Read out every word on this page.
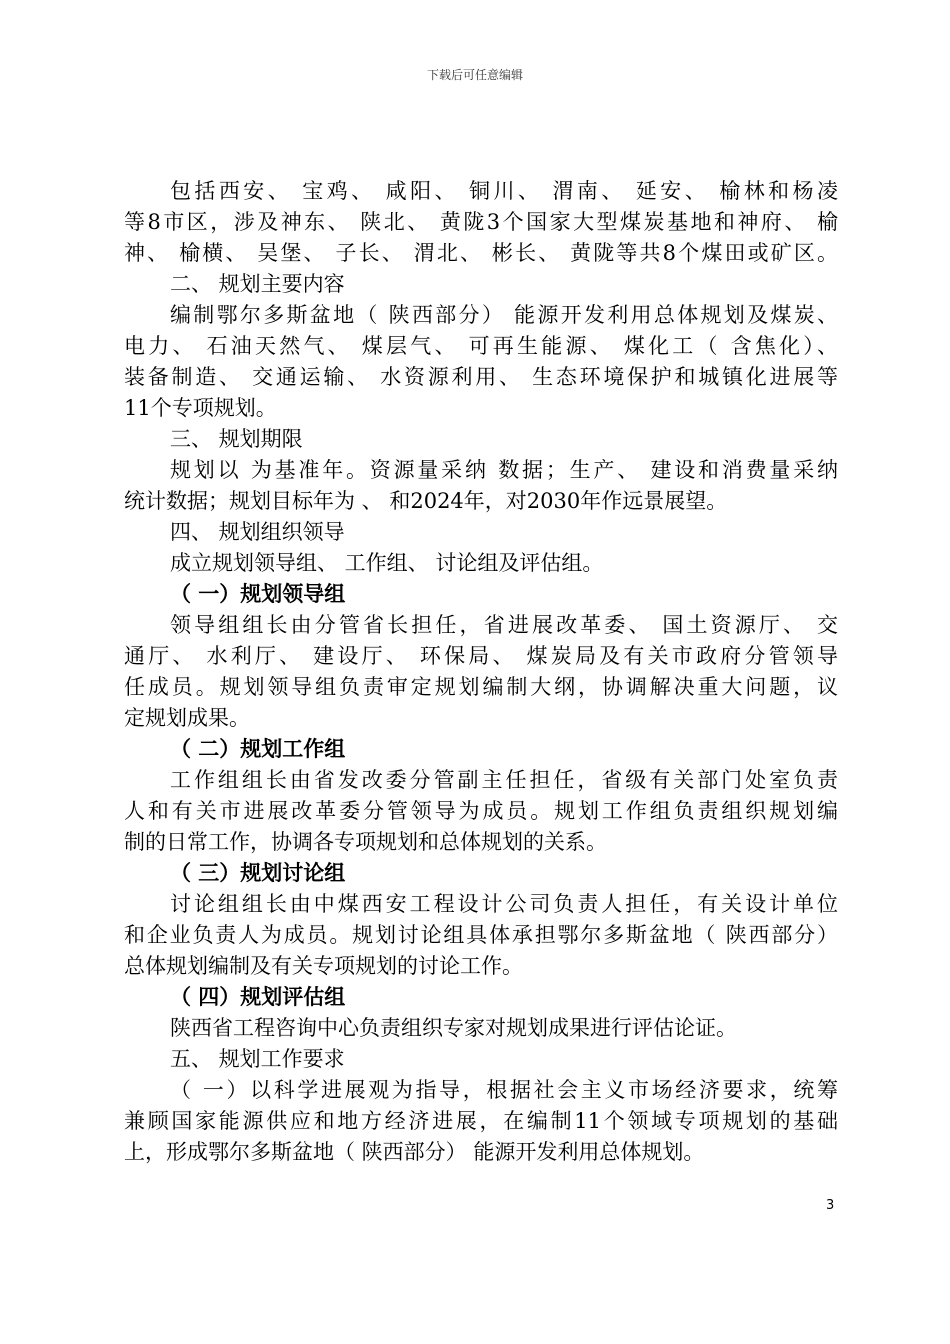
下载后可任意编辑
包括西安、 宝鸡、 咸阳、 铜川、 渭南、 延安、 榆林和杨凌
等8市区，涉及神东、 陕北、 黄陇3个国家大型煤炭基地和神府、 榆
神、 榆横、 吴堡、 子长、 渭北、 彬长、 黄陇等共8个煤田或矿区。
二、 规划主要内容
编制鄂尔多斯盆地（ 陕西部分） 能源开发利用总体规划及煤炭、
电力、 石油天然气、 煤层气、 可再生能源、 煤化工（ 含焦化）、
装备制造、 交通运输、 水资源利用、 生态环境保护和城镇化进展等
11个专项规划。
三、 规划期限
规划以 为基准年。资源量采纳 数据；生产、 建设和消费量采纳
统计数据；规划目标年为 、 和2024年，对2030年作远景展望。
四、 规划组织领导
成立规划领导组、 工作组、 讨论组及评估组。
（ 一）规划领导组
领导组组长由分管省长担任，省进展改革委、 国土资源厅、 交
通厅、 水利厅、 建设厅、 环保局、 煤炭局及有关市政府分管领导
任成员。规划领导组负责审定规划编制大纲，协调解决重大问题，议
定规划成果。
（ 二）规划工作组
工作组组长由省发改委分管副主任担任，省级有关部门处室负责
人和有关市进展改革委分管领导为成员。规划工作组负责组织规划编
制的日常工作，协调各专项规划和总体规划的关系。
（ 三）规划讨论组
讨论组组长由中煤西安工程设计公司负责人担任，有关设计单位
和企业负责人为成员。规划讨论组具体承担鄂尔多斯盆地（ 陕西部分）
总体规划编制及有关专项规划的讨论工作。
（ 四）规划评估组
陕西省工程咨询中心负责组织专家对规划成果进行评估论证。
五、 规划工作要求
（ 一）以科学进展观为指导，根据社会主义市场经济要求，统筹
兼顾国家能源供应和地方经济进展，在编制11个领域专项规划的基础
上，形成鄂尔多斯盆地（ 陕西部分） 能源开发利用总体规划。
3
